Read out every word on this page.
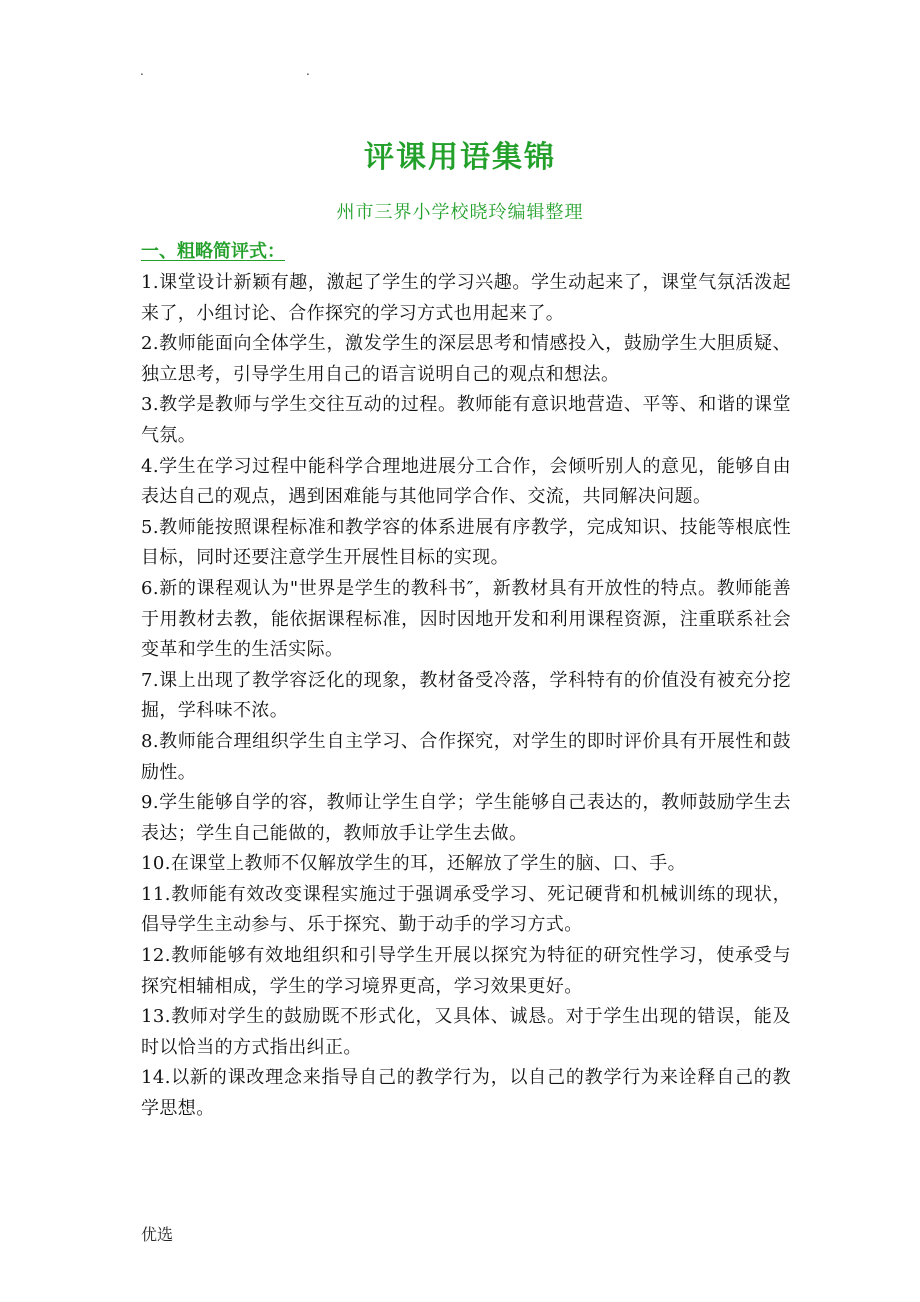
.	.
评课用语集锦
州市三界小学校晓玲编辑整理
一、粗略简评式：

1.课堂设计新颖有趣，激起了学生的学习兴趣。学生动起来了，课堂气氛活泼起来了，小组讨论、合作探究的学习方式也用起来了。

2.教师能面向全体学生，激发学生的深层思考和情感投入，鼓励学生大胆质疑、独立思考，引导学生用自己的语言说明自己的观点和想法。

3.教学是教师与学生交往互动的过程。教师能有意识地营造、平等、和谐的课堂气氛。

4.学生在学习过程中能科学合理地进展分工合作，会倾听别人的意见，能够自由表达自己的观点，遇到困难能与其他同学合作、交流，共同解决问题。

5.教师能按照课程标准和教学容的体系进展有序教学，完成知识、技能等根底性目标，同时还要注意学生开展性目标的实现。

6.新的课程观认为"世界是学生的教科书″，新教材具有开放性的特点。教师能善于用教材去教，能依据课程标准，因时因地开发和利用课程资源，注重联系社会变革和学生的生活实际。

7.课上出现了教学容泛化的现象，教材备受冷落，学科特有的价值没有被充分挖掘，学科味不浓。

8.教师能合理组织学生自主学习、合作探究，对学生的即时评价具有开展性和鼓励性。

9.学生能够自学的容，教师让学生自学；学生能够自己表达的，教师鼓励学生去表达；学生自己能做的，教师放手让学生去做。

10.在课堂上教师不仅解放学生的耳，还解放了学生的脑、口、手。

11.教师能有效改变课程实施过于强调承受学习、死记硬背和机械训练的现状，倡导学生主动参与、乐于探究、勤于动手的学习方式。

12.教师能够有效地组织和引导学生开展以探究为特征的研究性学习，使承受与探究相辅相成，学生的学习境界更高，学习效果更好。

13.教师对学生的鼓励既不形式化，又具体、诚恳。对于学生出现的错误，能及时以恰当的方式指出纠正。

14.以新的课改理念来指导自己的教学行为，以自己的教学行为来诠释自己的教学思想。

优选
